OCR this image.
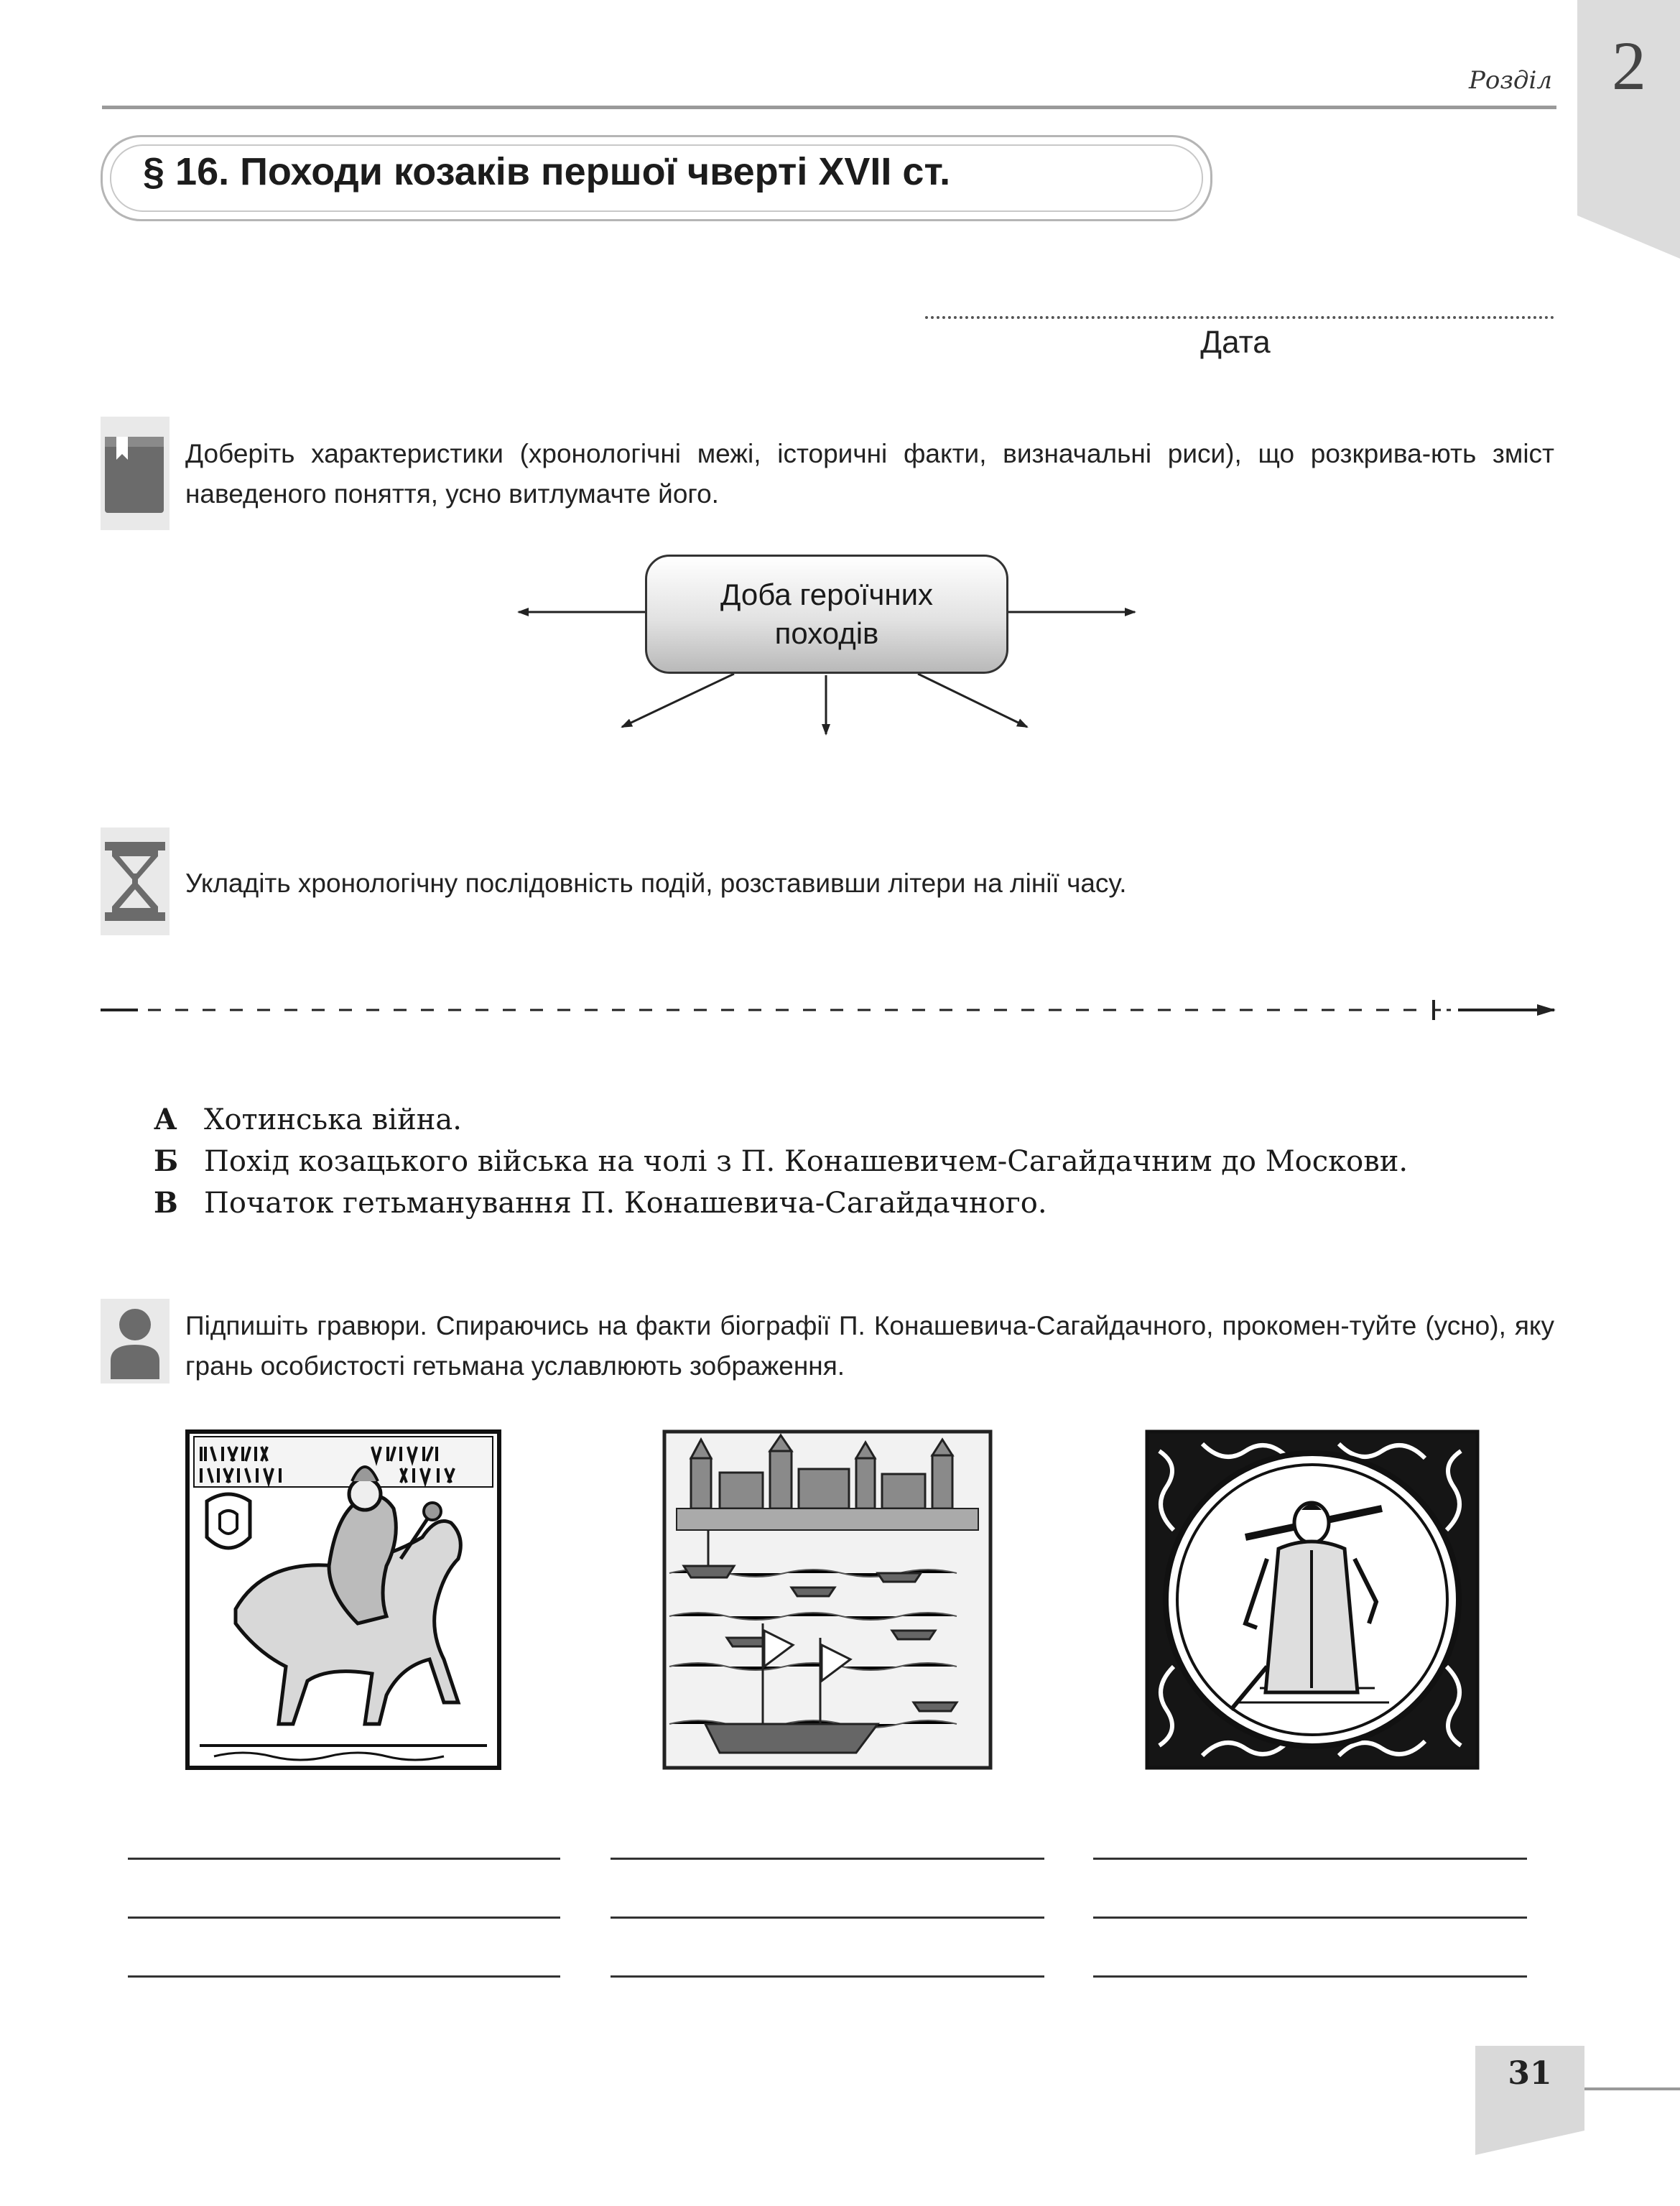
Розділ 2
§ 16. Походи козаків першої чверті XVII ст.
Дата
Доберіть характеристики (хронологічні межі, історичні факти, визначальні риси), що розкрива-ють зміст наведеного поняття, усно витлумачте його.
Доба героїчних походів
Укладіть хронологічну послідовність подій, розставивши літери на лінії часу.
А Хотинська війна.
Б Похід козацького війська на чолі з П. Конашевичем-Сагайдачним до Москови.
В Початок гетьманування П. Конашевича-Сагайдачного.
Підпишіть гравюри. Спираючись на факти біографії П. Конашевича-Сагайдачного, прокомен-туйте (усно), яку грань особистості гетьмана уславлюють зображення.
31
